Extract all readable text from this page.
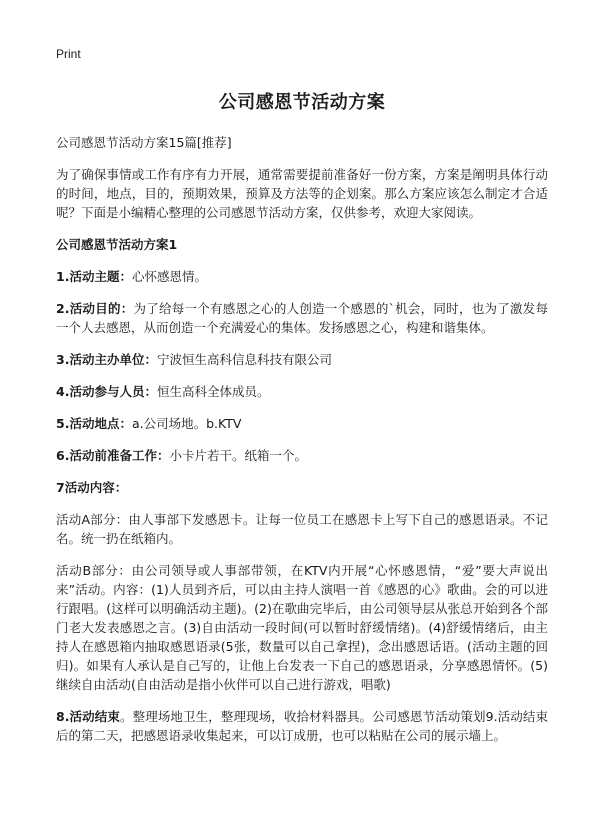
Print
公司感恩节活动方案
公司感恩节活动方案15篇[推荐]

为了确保事情或工作有序有力开展，通常需要提前准备好一份方案，方案是阐明具体行动的时间，地点，目的，预期效果，预算及方法等的企划案。那么方案应该怎么制定才合适呢？下面是小编精心整理的公司感恩节活动方案，仅供参考，欢迎大家阅读。

公司感恩节活动方案1

1.活动主题：心怀感恩情。

2.活动目的：为了给每一个有感恩之心的人创造一个感恩的`机会，同时，也为了激发每一个人去感恩，从而创造一个充满爱心的集体。发扬感恩之心，构建和谐集体。

3.活动主办单位：宁波恒生高科信息科技有限公司

4.活动参与人员：恒生高科全体成员。

5.活动地点：a.公司场地。b.KTV

6.活动前准备工作：小卡片若干。纸箱一个。

7活动内容：

活动A部分：由人事部下发感恩卡。让每一位员工在感恩卡上写下自己的感恩语录。不记名。统一扔在纸箱内。

活动B部分：由公司领导或人事部带领，在KTV内开展“心怀感恩情，“爱”要大声说出来”活动。内容：(1)人员到齐后，可以由主持人演唱一首《感恩的心》歌曲。会的可以进行跟唱。(这样可以明确活动主题)。(2)在歌曲完毕后，由公司领导层从张总开始到各个部门老大发表感恩之言。(3)自由活动一段时间(可以暂时舒缓情绪)。(4)舒缓情绪后，由主持人在感恩箱内抽取感恩语录(5张，数量可以自己拿捏)，念出感恩话语。(活动主题的回归)。如果有人承认是自己写的，让他上台发表一下自己的感恩语录，分享感恩情怀。(5)继续自由活动(自由活动是指小伙伴可以自己进行游戏，唱歌)

8.活动结束。整理场地卫生，整理现场，收拾材料器具。公司感恩节活动策划9.活动结束后的第二天，把感恩语录收集起来，可以订成册，也可以粘贴在公司的展示墙上。
